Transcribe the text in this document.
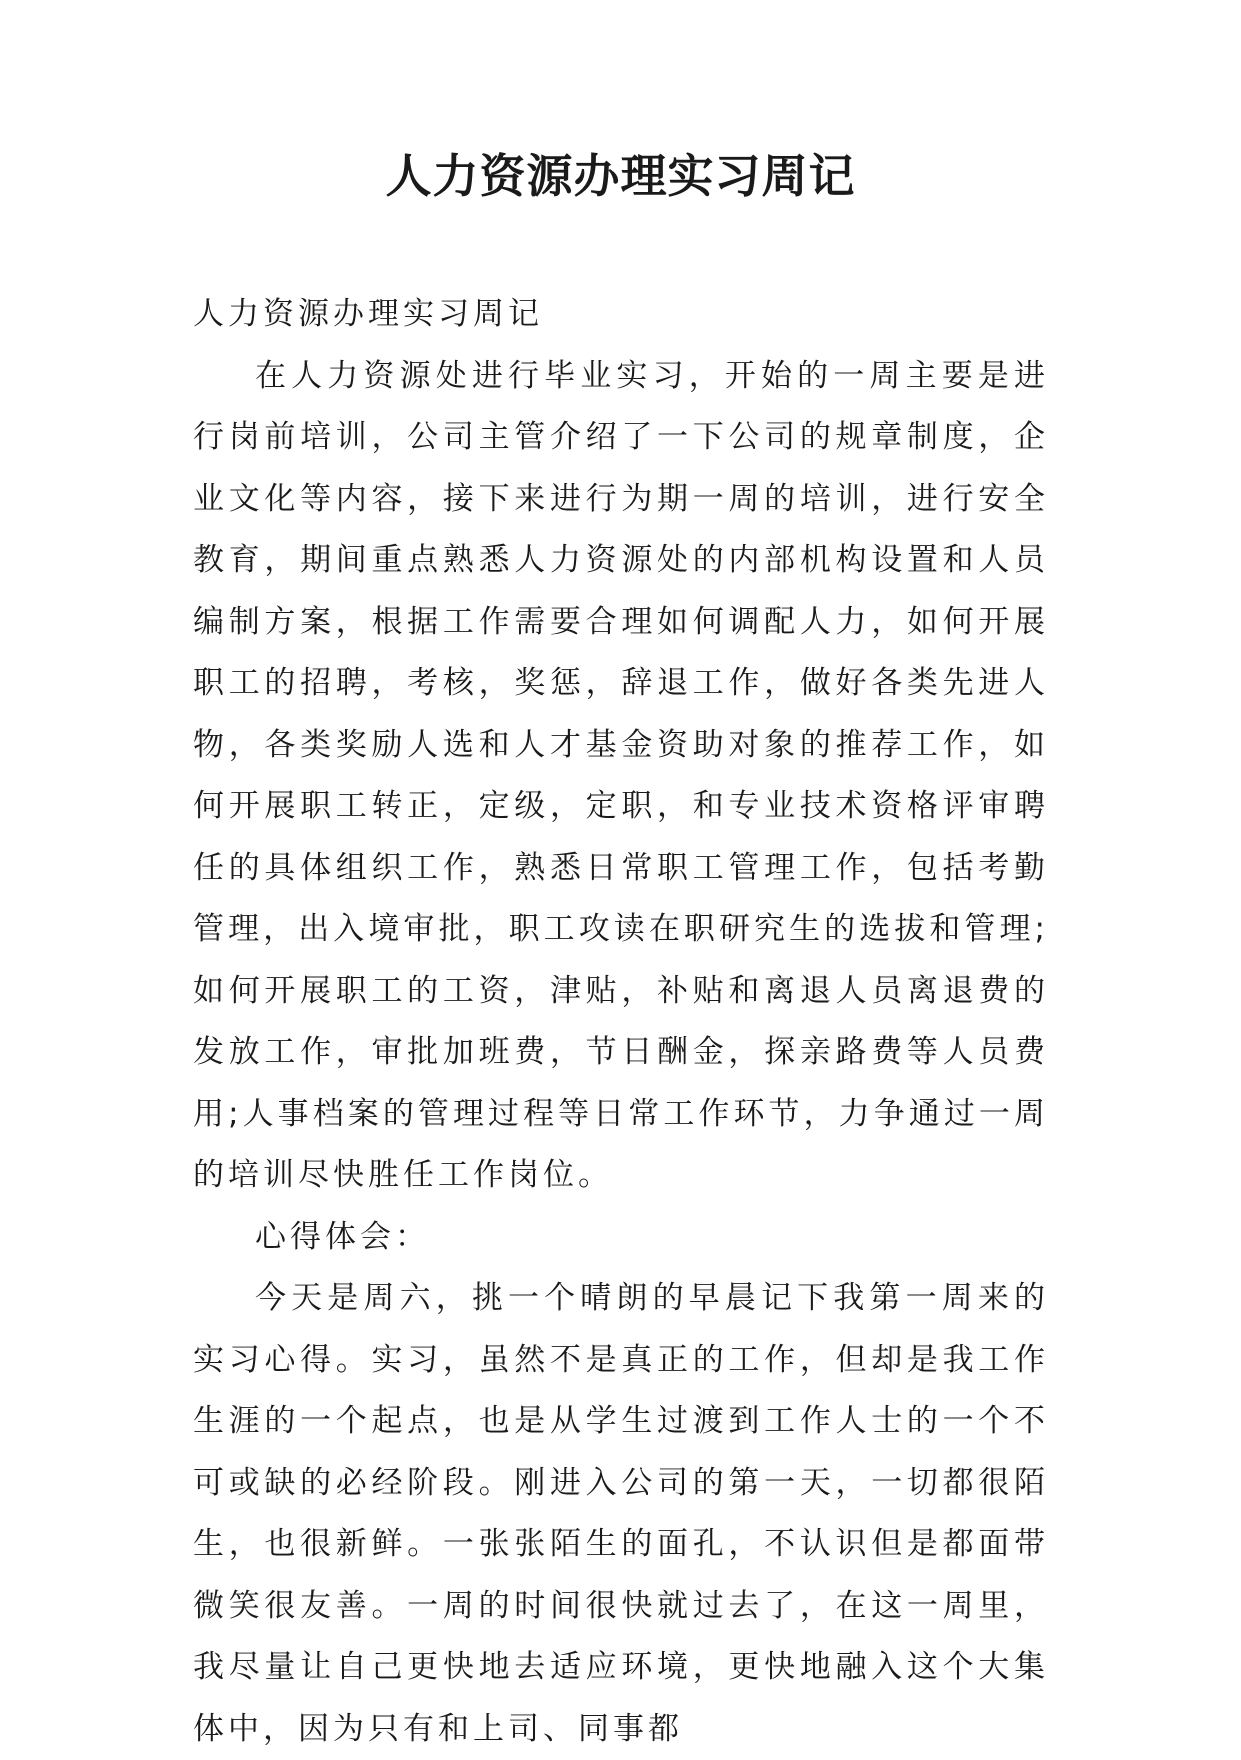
人力资源办理实习周记

人力资源办理实习周记

在人力资源处进行毕业实习，开始的一周主要是进行岗前培训，公司主管介绍了一下公司的规章制度，企业文化等内容，接下来进行为期一周的培训，进行安全教育，期间重点熟悉人力资源处的内部机构设置和人员编制方案，根据工作需要合理如何调配人力，如何开展职工的招聘，考核，奖惩，辞退工作，做好各类先进人物，各类奖励人选和人才基金资助对象的推荐工作，如何开展职工转正，定级，定职，和专业技术资格评审聘任的具体组织工作，熟悉日常职工管理工作，包括考勤管理，出入境审批，职工攻读在职研究生的选拔和管理;如何开展职工的工资，津贴，补贴和离退人员离退费的发放工作，审批加班费，节日酬金，探亲路费等人员费用;人事档案的管理过程等日常工作环节，力争通过一周的培训尽快胜任工作岗位。

心得体会：

今天是周六，挑一个晴朗的早晨记下我第一周来的实习心得。实习，虽然不是真正的工作，但却是我工作生涯的一个起点，也是从学生过渡到工作人士的一个不可或缺的必经阶段。刚进入公司的第一天，一切都很陌生，也很新鲜。一张张陌生的面孔，不认识但是都面带微笑很友善。一周的时间很快就过去了，在这一周里，我尽量让自己更快地去适应环境，更快地融入这个大集体中，因为只有和上司、同事都
